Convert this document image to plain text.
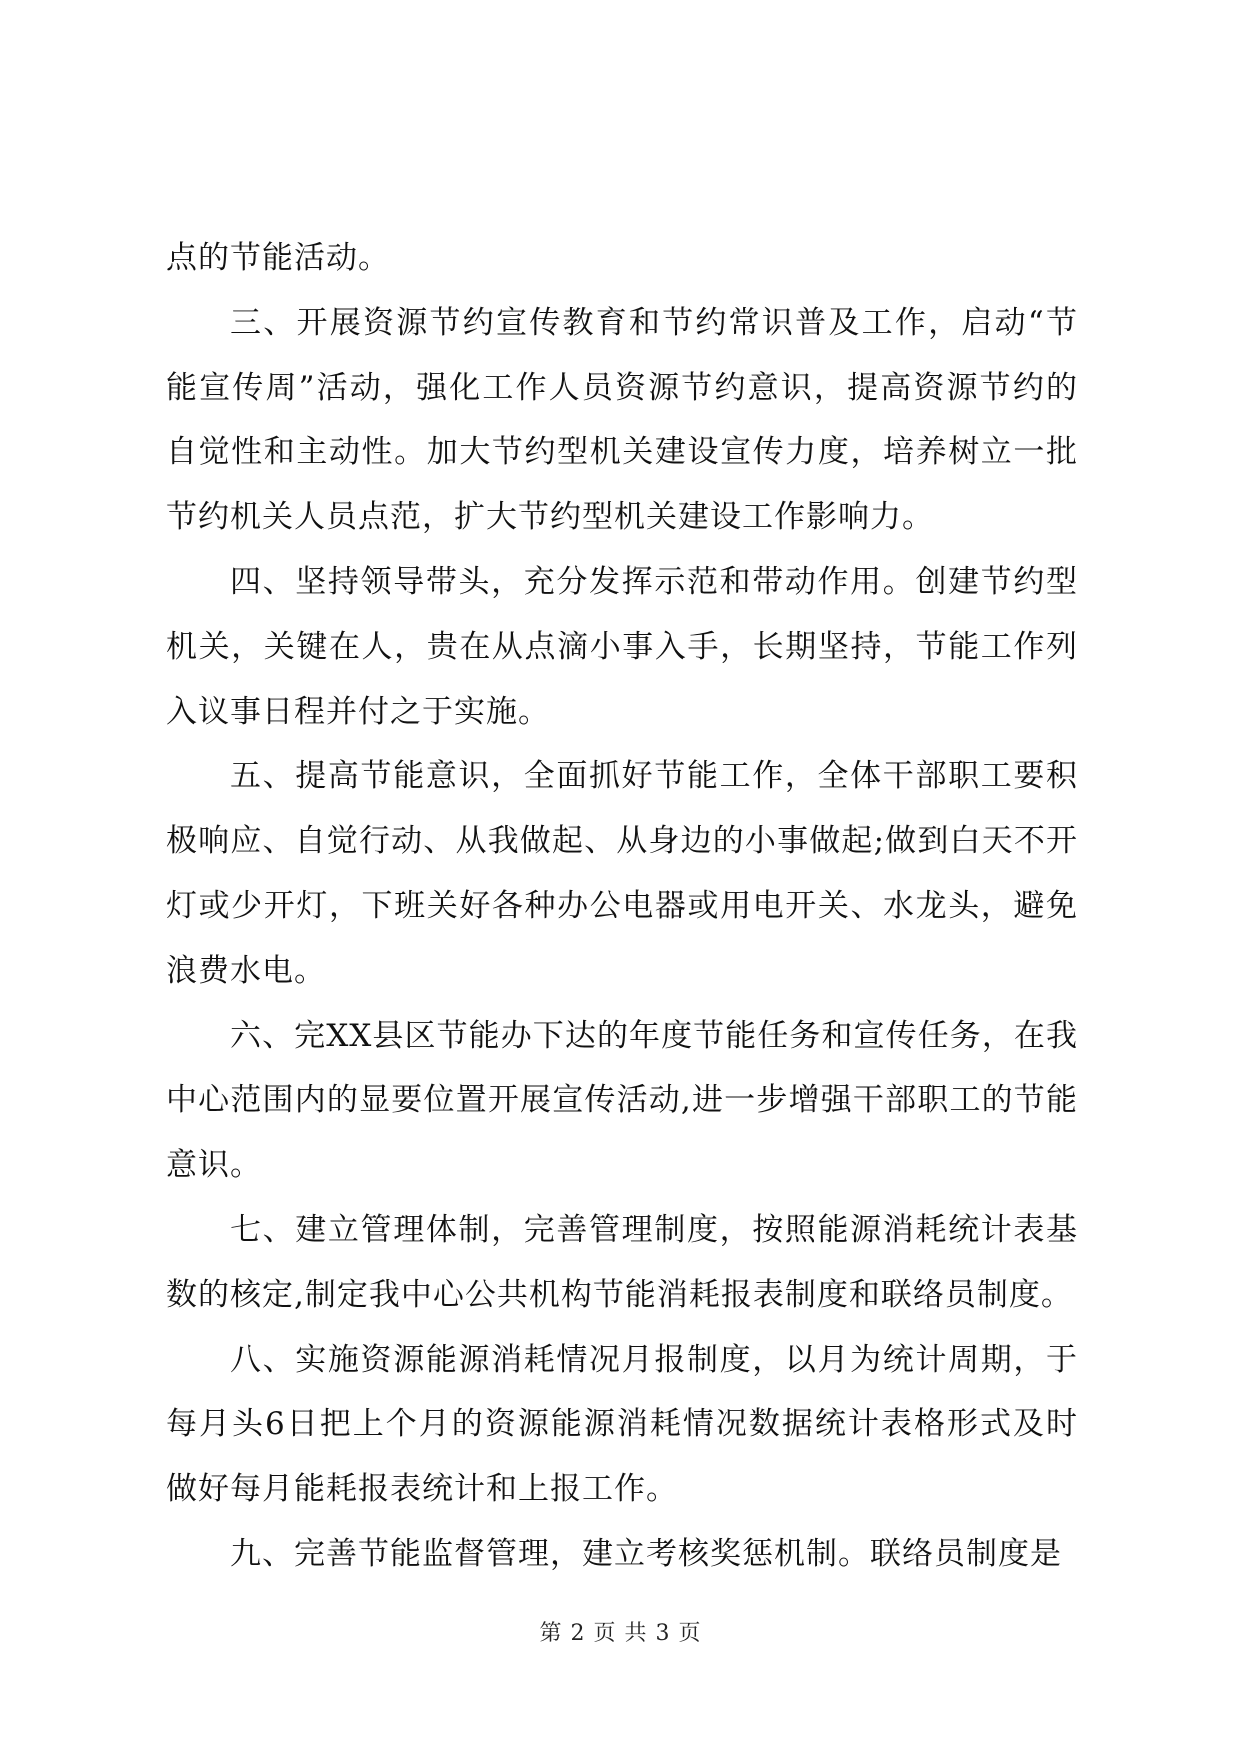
点的节能活动。

三、开展资源节约宣传教育和节约常识普及工作，启动“节能宣传周”活动，强化工作人员资源节约意识，提高资源节约的自觉性和主动性。加大节约型机关建设宣传力度，培养树立一批节约机关人员点范，扩大节约型机关建设工作影响力。

四、坚持领导带头，充分发挥示范和带动作用。创建节约型机关，关键在人，贵在从点滴小事入手，长期坚持，节能工作列入议事日程并付之于实施。

五、提高节能意识，全面抓好节能工作，全体干部职工要积极响应、自觉行动、从我做起、从身边的小事做起;做到白天不开灯或少开灯，下班关好各种办公电器或用电开关、水龙头，避免浪费水电。

六、完XX县区节能办下达的年度节能任务和宣传任务，在我中心范围内的显要位置开展宣传活动,进一步增强干部职工的节能意识。

七、建立管理体制，完善管理制度，按照能源消耗统计表基数的核定,制定我中心公共机构节能消耗报表制度和联络员制度。

八、实施资源能源消耗情况月报制度，以月为统计周期，于每月头6日把上个月的资源能源消耗情况数据统计表格形式及时做好每月能耗报表统计和上报工作。

九、完善节能监督管理，建立考核奖惩机制。联络员制度是

第 2 页 共 3 页
